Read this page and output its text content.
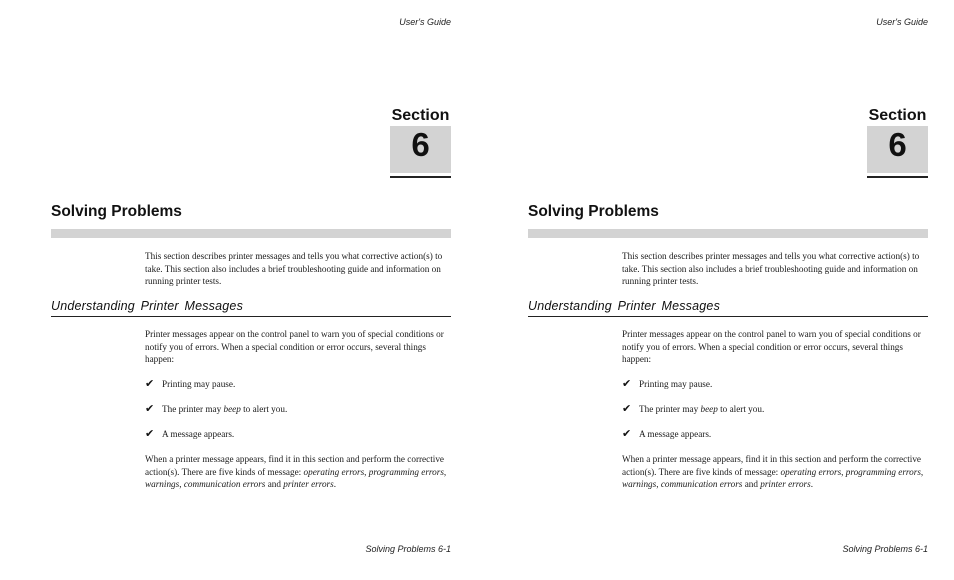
User's Guide
Section
6
Solving Problems
This section describes printer messages and tells you what corrective action(s) to take. This section also includes a brief troubleshooting guide and information on running printer tests.
Understanding Printer Messages
Printer messages appear on the control panel to warn you of special conditions or notify you of errors. When a special condition or error occurs, several things happen:
✔ Printing may pause.
✔ The printer may beep to alert you.
✔ A message appears.
When a printer message appears, find it in this section and perform the corrective action(s). There are five kinds of message: operating errors, programming errors, warnings, communication errors and printer errors.
Solving Problems 6-1
User's Guide
Section
6
Solving Problems
This section describes printer messages and tells you what corrective action(s) to take. This section also includes a brief troubleshooting guide and information on running printer tests.
Understanding Printer Messages
Printer messages appear on the control panel to warn you of special conditions or notify you of errors. When a special condition or error occurs, several things happen:
✔ Printing may pause.
✔ The printer may beep to alert you.
✔ A message appears.
When a printer message appears, find it in this section and perform the corrective action(s). There are five kinds of message: operating errors, programming errors, warnings, communication errors and printer errors.
Solving Problems 6-1
